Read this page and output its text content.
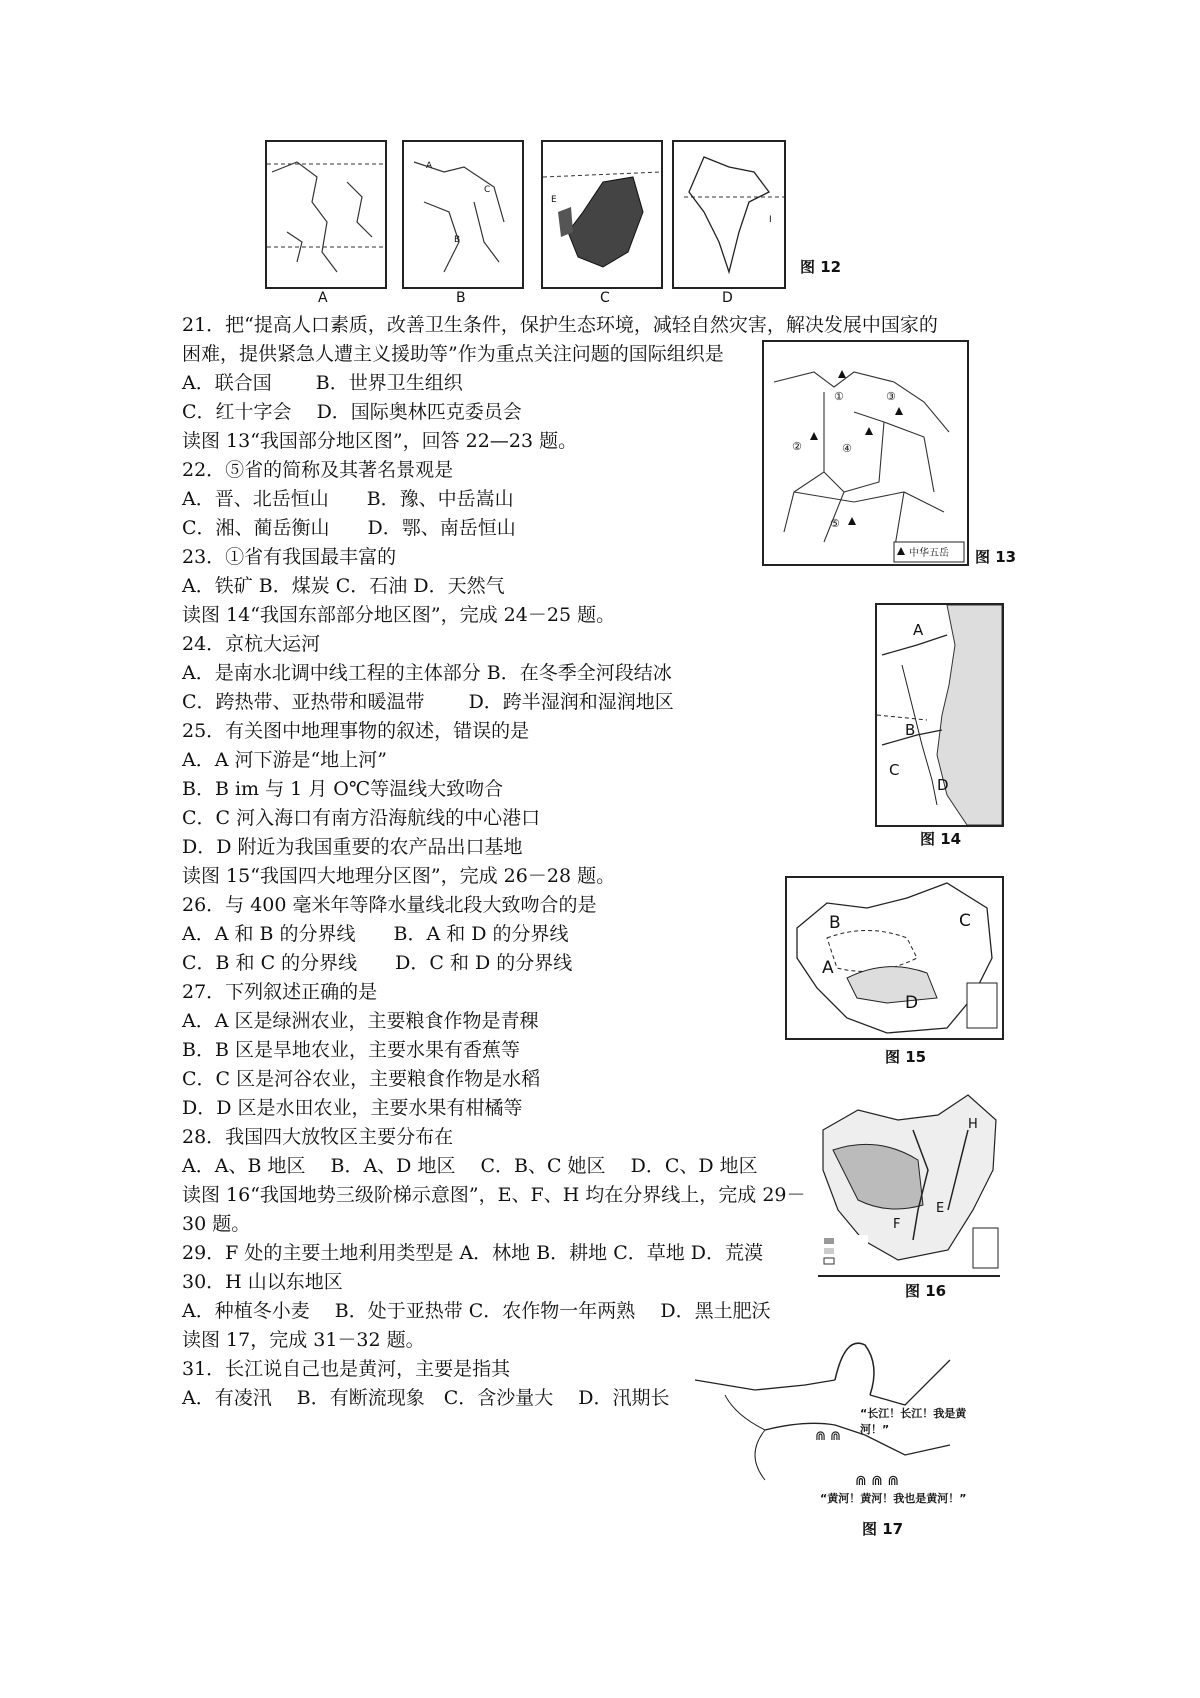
A
A
C
B
B
E
C
I
D
图 12
①
②
③
④
⑤
中华五岳 图 13
A
B
C
D
图 14
B	C
A
D
图 15
H
E
F
图 16
⋒ ⋒
⋒ ⋒ ⋒
“长江！长江！我是黄河！”
“黄河！黄河！我也是黄河！”
图 17
21．把“提高人口素质，改善卫生条件，保护生态环境，减轻自然灾害，解决发展中国家的
困难，提供紧急人遭主义援助等”作为重点关注问题的国际组织是
A．联合国　　 B．世界卫生组织
C．红十字会　 D．国际奥林匹克委员会
读图 13“我国部分地区图”，回答 22—23 题。
22．⑤省的简称及其著名景观是
A．晋、北岳恒山　　B．豫、中岳嵩山
C．湘、蔺岳衡山　　D．鄂、南岳恒山
23．①省有我国最丰富的
A．铁矿 B．煤炭 C．石油 D．天然气
读图 14“我国东部部分地区图”，完成 24－25 题。
24．京杭大运河
A．是南水北调中线工程的主体部分 B．在冬季全河段结冰
C．跨热带、亚热带和暖温带　　 D．跨半湿润和湿润地区
25．有关图中地理事物的叙述，错误的是
A．A 河下游是“地上河”
B．B im 与 1 月 O℃等温线大致吻合
C．C 河入海口有南方沿海航线的中心港口
D．D 附近为我国重要的农产品出口基地
读图 15“我国四大地理分区图”，完成 26－28 题。
26．与 400 毫米年等降水量线北段大致吻合的是
A．A 和 B 的分界线　　B．A 和 D 的分界线
C．B 和 C 的分界线　　D．C 和 D 的分界线
27．下列叙述正确的是
A．A 区是绿洲农业，主要粮食作物是青稞
B．B 区是旱地农业，主要水果有香蕉等
C．C 区是河谷农业，主要粮食作物是水稻
D．D 区是水田农业，主要水果有柑橘等
28．我国四大放牧区主要分布在
A．A、B 地区　 B．A、D 地区　 C．B、C 她区　 D．C、D 地区
读图 16“我国地势三级阶梯示意图”，E、F、H 均在分界线上，完成 29－
30 题。
29．F 处的主要土地利用类型是 A．林地 B．耕地 C．草地 D．荒漠
30．H 山以东地区
A．种植冬小麦　 B．处于亚热带 C．农作物一年两熟　 D．黑土肥沃
读图 17，完成 31－32 题。
31．长江说自己也是黄河，主要是指其
A．有凌汛　 B．有断流现象　C．含沙量大　 D．汛期长
